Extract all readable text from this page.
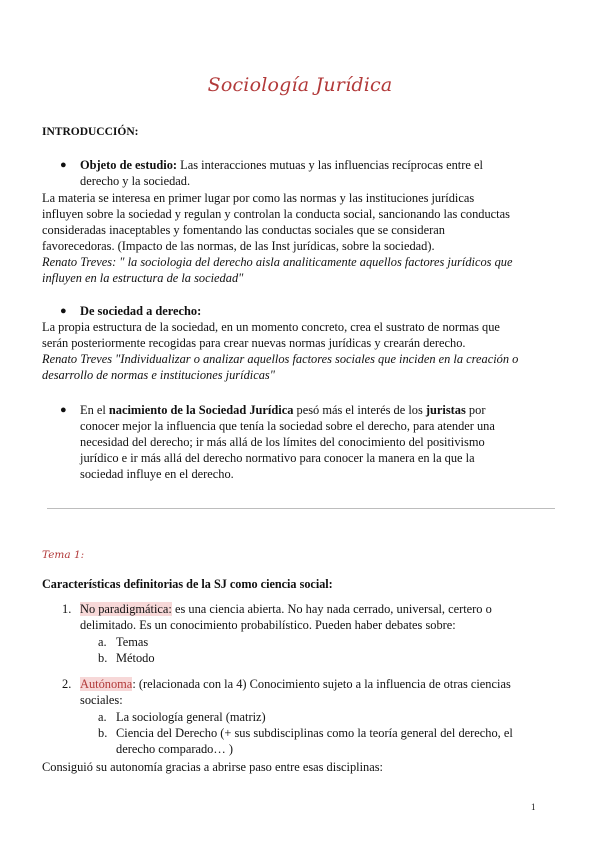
Sociología Jurídica
INTRODUCCIÓN:
● Objeto de estudio: Las interacciones mutuas y las influencias recíprocas entre el
derecho y la sociedad.
La materia se interesa en primer lugar por como las normas y las instituciones jurídicas
influyen sobre la sociedad y regulan y controlan la conducta social, sancionando las conductas
consideradas inaceptables y fomentando las conductas sociales que se consideran
favorecedoras. (Impacto de las normas, de las Inst jurídicas, sobre la sociedad).
Renato Treves: " la sociologia del derecho aisla analiticamente aquellos factores jurídicos que
influyen en la estructura de la sociedad"
● De sociedad a derecho:
La propia estructura de la sociedad, en un momento concreto, crea el sustrato de normas que
serán posteriormente recogidas para crear nuevas normas jurídicas y crearán derecho.
Renato Treves "Individualizar o analizar aquellos factores sociales que inciden en la creación o
desarrollo de normas e instituciones jurídicas"
● En el nacimiento de la Sociedad Jurídica pesó más el interés de los juristas por
conocer mejor la influencia que tenía la sociedad sobre el derecho, para atender una
necesidad del derecho; ir más allá de los límites del conocimiento del positivismo
jurídico e ir más allá del derecho normativo para conocer la manera en la que la
sociedad influye en el derecho.
Tema 1:
Características definitorias de la SJ como ciencia social:
1. No paradigmática: es una ciencia abierta. No hay nada cerrado, universal, certero o
delimitado. Es un conocimiento probabilístico. Pueden haber debates sobre:
a. Temas
b. Método
2. Autónoma: (relacionada con la 4) Conocimiento sujeto a la influencia de otras ciencias
sociales:
a. La sociología general (matriz)
b. Ciencia del Derecho (+ sus subdisciplinas como la teoría general del derecho, el
derecho comparado… )
Consiguió su autonomía gracias a abrirse paso entre esas disciplinas:
1
